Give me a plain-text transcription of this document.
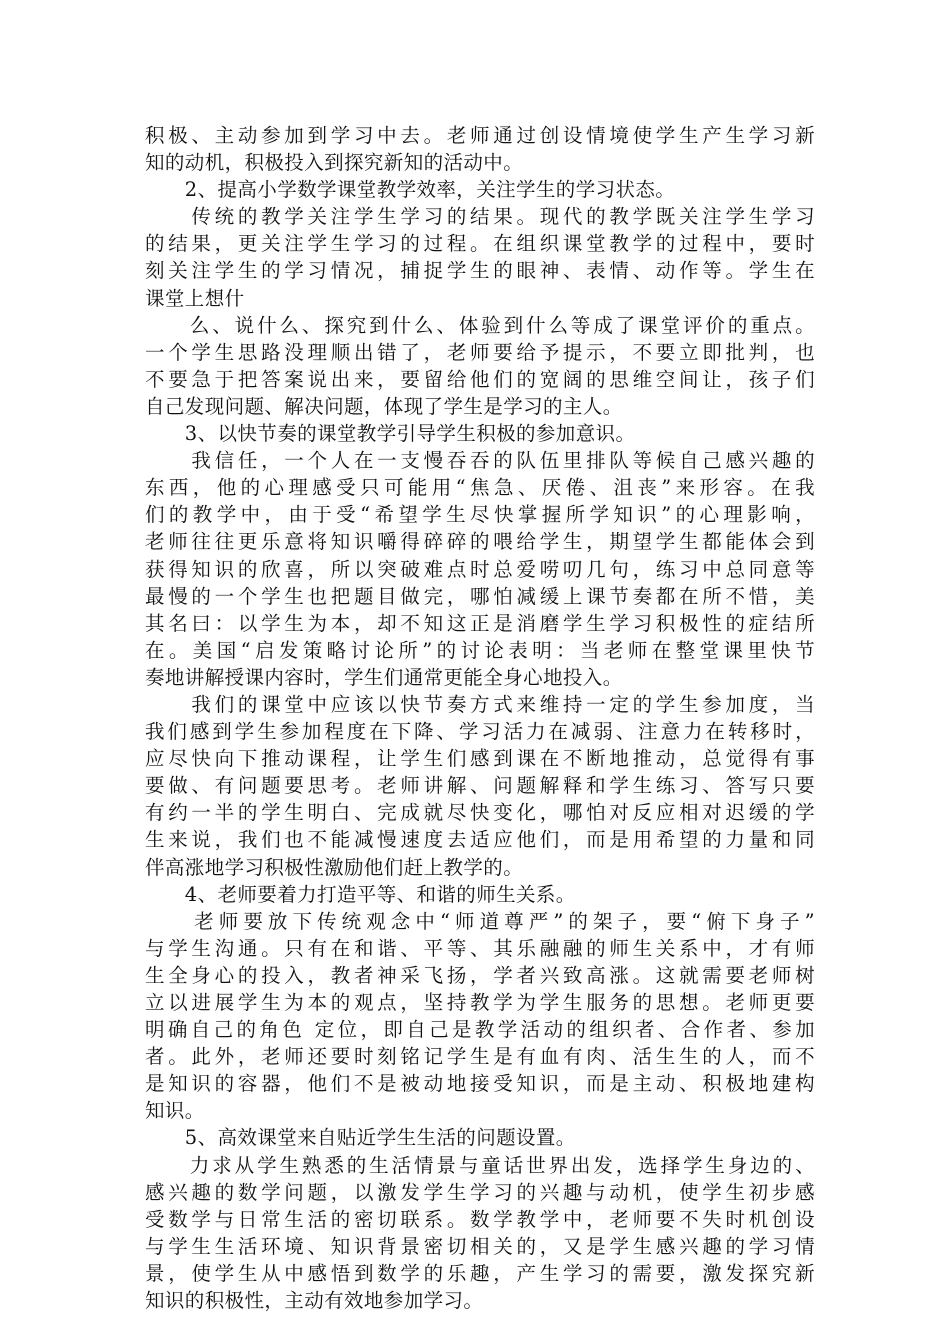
积极、主动参加到学习中去。老师通过创设情境使学生产生学习新
知的动机，积极投入到探究新知的活动中。
　　2、提高小学数学课堂教学效率，关注学生的学习状态。
　　传统的教学关注学生学习的结果。现代的教学既关注学生学习
的结果，更关注学生学习的过程。在组织课堂教学的过程中，要时
刻关注学生的学习情况，捕捉学生的眼神、表情、动作等。学生在
课堂上想什
　　么、说什么、探究到什么、体验到什么等成了课堂评价的重点。
一个学生思路没理顺出错了，老师要给予提示，不要立即批判，也
不要急于把答案说出来，要留给他们的宽阔的思维空间让，孩子们
自己发现问题、解决问题，体现了学生是学习的主人。
　　3、以快节奏的课堂教学引导学生积极的参加意识。
　　我信任，一个人在一支慢吞吞的队伍里排队等候自己感兴趣的
东西，他的心理感受只可能用“焦急、厌倦、沮丧”来形容。在我
们的教学中，由于受“希望学生尽快掌握所学知识”的心理影响，
老师往往更乐意将知识嚼得碎碎的喂给学生，期望学生都能体会到
获得知识的欣喜，所以突破难点时总爱唠叨几句，练习中总同意等
最慢的一个学生也把题目做完，哪怕减缓上课节奏都在所不惜，美
其名曰：以学生为本，却不知这正是消磨学生学习积极性的症结所
在。美国“启发策略讨论所”的讨论表明：当老师在整堂课里快节
奏地讲解授课内容时，学生们通常更能全身心地投入。
　　我们的课堂中应该以快节奏方式来维持一定的学生参加度，当
我们感到学生参加程度在下降、学习活力在减弱、注意力在转移时，
应尽快向下推动课程，让学生们感到课在不断地推动，总觉得有事
要做、有问题要思考。老师讲解、问题解释和学生练习、答写只要
有约一半的学生明白、完成就尽快变化，哪怕对反应相对迟缓的学
生来说，我们也不能减慢速度去适应他们，而是用希望的力量和同
伴高涨地学习积极性激励他们赶上教学的。
　　4、老师要着力打造平等、和谐的师生关系。
　　老师要放下传统观念中“师道尊严”的架子，要“俯下身子”
与学生沟通。只有在和谐、平等、其乐融融的师生关系中，才有师
生全身心的投入，教者神采飞扬，学者兴致高涨。这就需要老师树
立以进展学生为本的观点，坚持教学为学生服务的思想。老师更要
明确自己的角色 定位，即自己是教学活动的组织者、合作者、参加
者。此外，老师还要时刻铭记学生是有血有肉、活生生的人，而不
是知识的容器，他们不是被动地接受知识，而是主动、积极地建构
知识。
　　5、高效课堂来自贴近学生生活的问题设置。
　　力求从学生熟悉的生活情景与童话世界出发，选择学生身边的、
感兴趣的数学问题，以激发学生学习的兴趣与动机，使学生初步感
受数学与日常生活的密切联系。数学教学中，老师要不失时机创设
与学生生活环境、知识背景密切相关的，又是学生感兴趣的学习情
景，使学生从中感悟到数学的乐趣，产生学习的需要，激发探究新
知识的积极性，主动有效地参加学习。
